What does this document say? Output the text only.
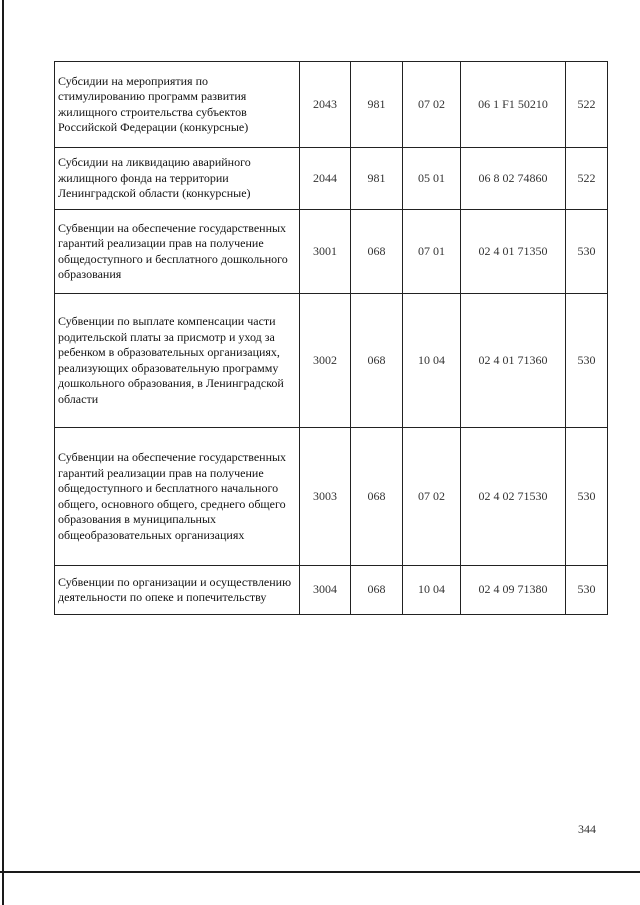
Субсидии на мероприятия по стимулированию программ развития жилищного строительства субъектов Российской Федерации (конкурсные)	2043	981	07 02	06 1 F1 50210	522
Субсидии на ликвидацию аварийного жилищного фонда на территории Ленинградской области (конкурсные)	2044	981	05 01	06 8 02 74860	522
Субвенции на обеспечение государственных гарантий реализации прав на получение общедоступного и бесплатного дошкольного образования	3001	068	07 01	02 4 01 71350	530
Субвенции по выплате компенсации части родительской платы за присмотр и уход за ребенком в образовательных организациях, реализующих образовательную программу дошкольного образования, в Ленинградской области	3002	068	10 04	02 4 01 71360	530
Субвенции на обеспечение государственных гарантий реализации прав на получение общедоступного и бесплатного начального общего, основного общего, среднего общего образования в муниципальных общеобразовательных организациях	3003	068	07 02	02 4 02 71530	530
Субвенции по организации и осуществлению деятельности по опеке и попечительству	3004	068	10 04	02 4 09 71380	530
344
